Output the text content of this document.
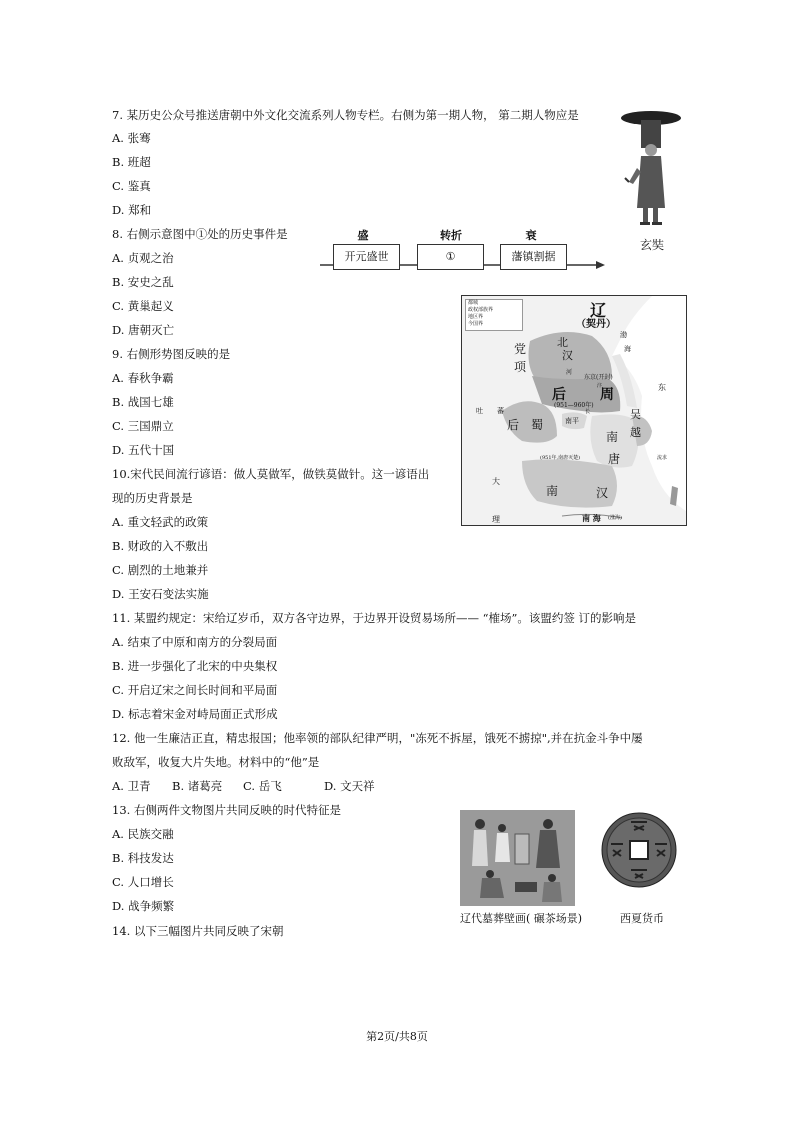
7. 某历史公众号推送唐朝中外文化交流系列人物专栏。右侧为第一期人物， 第二期人物应是
A. 张骞
B. 班超
C. 鉴真
D. 郑和
玄奘
8. 右侧示意图中①处的历史事件是
A. 贞观之治
B. 安史之乱
C. 黄巢起义
D. 唐朝灭亡
盛	转折	衰
开元盛世	①	藩镇割据
9. 右侧形势图反映的是
A. 春秋争霸
B. 战国七雄
C. 三国鼎立
D. 五代十国
都城
政权部族界
地区界
今国界
辽
（契丹）
北
汉
党
项
后 周
东京(开封)
(951—960年)
后 蜀
吐 蕃	吴
越
南
唐
南平
河
(951年,南唐灭楚)
大
理
南	汉
渤
海
东
南 海 (涨海)
流求
汴
长
10.宋代民间流行谚语：做人莫做军，做铁莫做针。这一谚语出
现的历史背景是
A. 重文轻武的政策
B. 财政的入不敷出
C. 剧烈的土地兼并
D. 王安石变法实施
11. 某盟约规定：宋给辽岁币，双方各守边界，于边界开设贸易场所—— “榷场”。该盟约签 订的影响是
A. 结束了中原和南方的分裂局面
B. 进一步强化了北宋的中央集权
C. 开启辽宋之间长时间和平局面
D. 标志着宋金对峙局面正式形成
12. 他一生廉洁正直，精忠报国；他率领的部队纪律严明，"冻死不拆屋，饿死不掳掠",并在抗金斗争中屡
败敌军，收复大片失地。材料中的“他”是
A. 卫青 B. 诸葛亮 C. 岳飞	D. 文天祥
13. 右侧两件文物图片共同反映的时代特征是
A. 民族交融
B. 科技发达
C. 人口增长
D. 战争频繁
辽代墓葬壁画( 碾茶场景)	西夏货币
14. 以下三幅图片共同反映了宋朝
第2页/共8页
